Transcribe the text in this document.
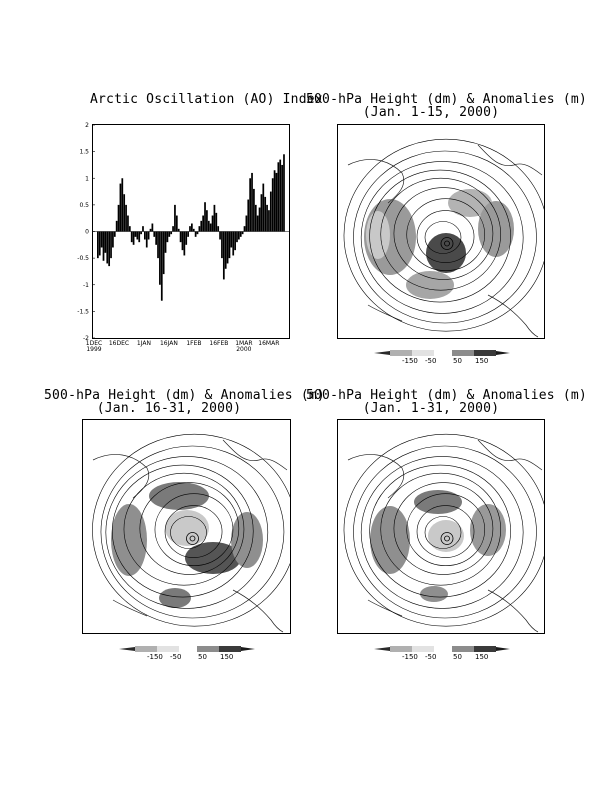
Arctic Oscillation (AO) Index
-2
-1.5
-1
-0.5
0
0.5
1
1.5
2
1DEC
1999
16DEC 1JAN 16JAN 1FEB 16FEB 1MAR
2000
16MAR
500-hPa Height (dm) & Anomalies (m)
(Jan. 1-15, 2000)
-150 -50 50 150
500-hPa Height (dm) & Anomalies (m)
(Jan. 16-31, 2000)
-150 -50 50 150
500-hPa Height (dm) & Anomalies (m)
(Jan. 1-31, 2000)
-150 -50 50 150
